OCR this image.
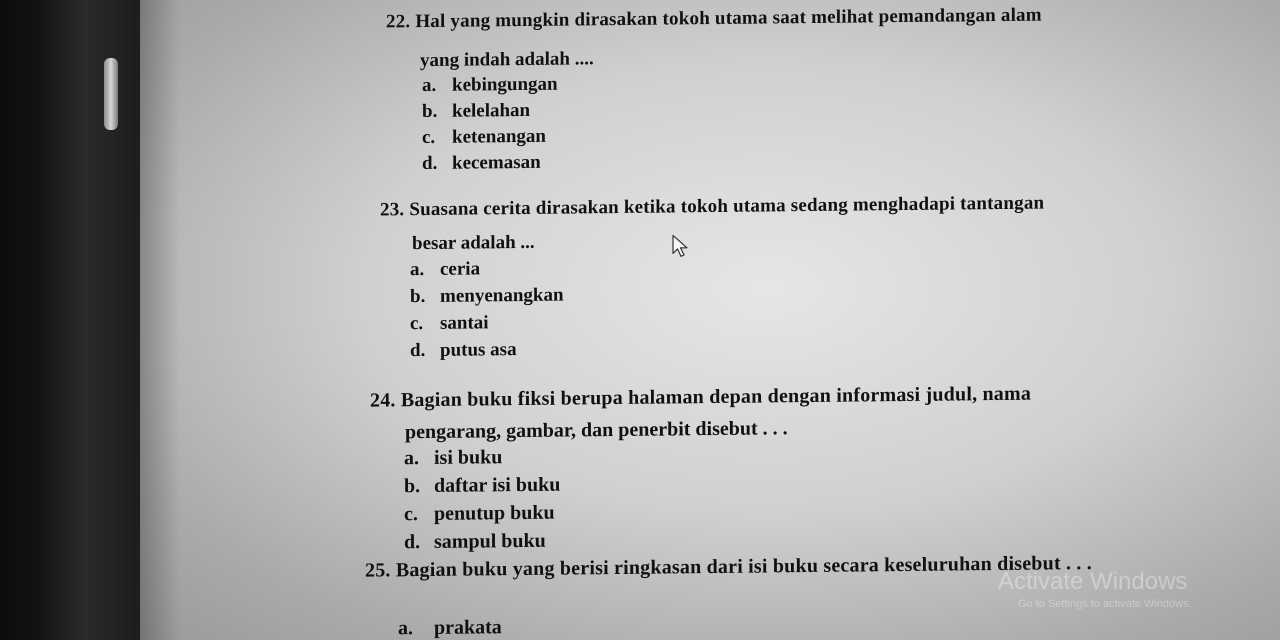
22. Hal yang mungkin dirasakan tokoh utama saat melihat pemandangan alam
yang indah adalah ....
a. kebingungan
b. kelelahan
c. ketenangan
d. kecemasan
23. Suasana cerita dirasakan ketika tokoh utama sedang menghadapi tantangan
besar adalah ...
a. ceria
b. menyenangkan
c. santai
d. putus asa
24. Bagian buku fiksi berupa halaman depan dengan informasi judul, nama
pengarang, gambar, dan penerbit disebut . . .
a. isi buku
b. daftar isi buku
c. penutup buku
d. sampul buku
25. Bagian buku yang berisi ringkasan dari isi buku secara keseluruhan disebut . . .
a. prakata
Activate Windows
Go to Settings to activate Windows.
